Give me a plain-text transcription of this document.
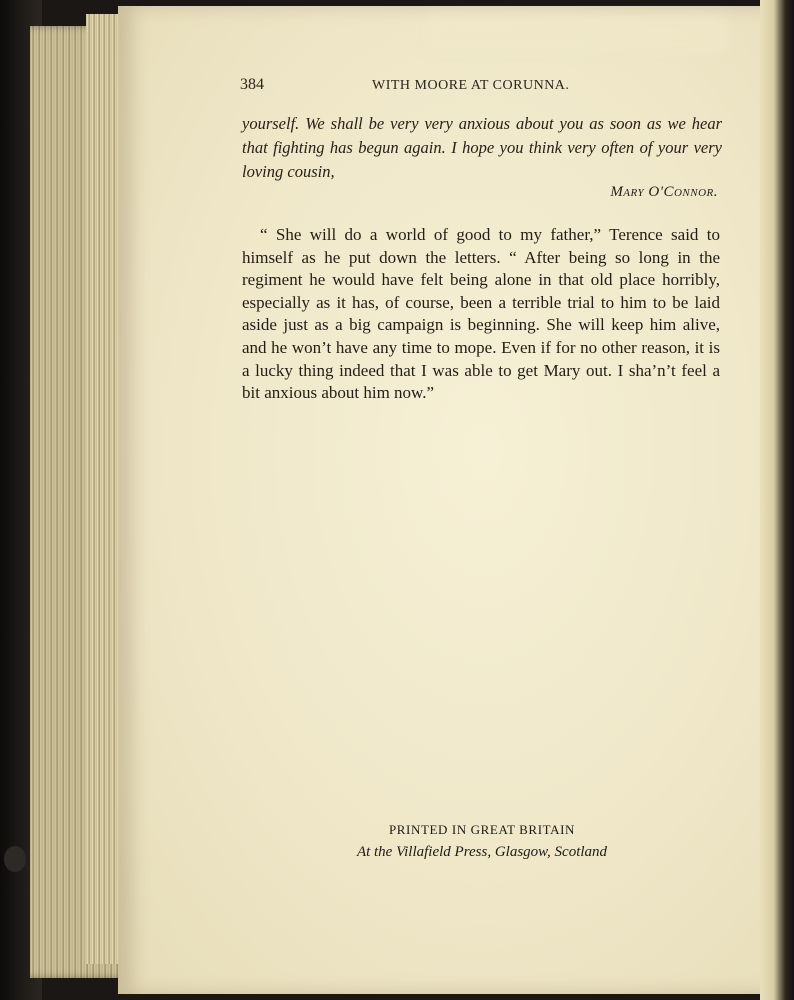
384	WITH MOORE AT CORUNNA.
yourself. We shall be very very anxious about you as soon as we hear that fighting has begun again. I hope you think very often of your very loving cousin,
Mary O'Connor.
“ She will do a world of good to my father,” Terence said to himself as he put down the letters. “ After being so long in the regiment he would have felt being alone in that old place horribly, especially as it has, of course, been a terrible trial to him to be laid aside just as a big campaign is beginning. She will keep him alive, and he won’t have any time to mope. Even if for no other reason, it is a lucky thing indeed that I was able to get Mary out. I sha’n’t feel a bit anxious about him now.”
PRINTED IN GREAT BRITAIN
At the Villafield Press, Glasgow, Scotland
